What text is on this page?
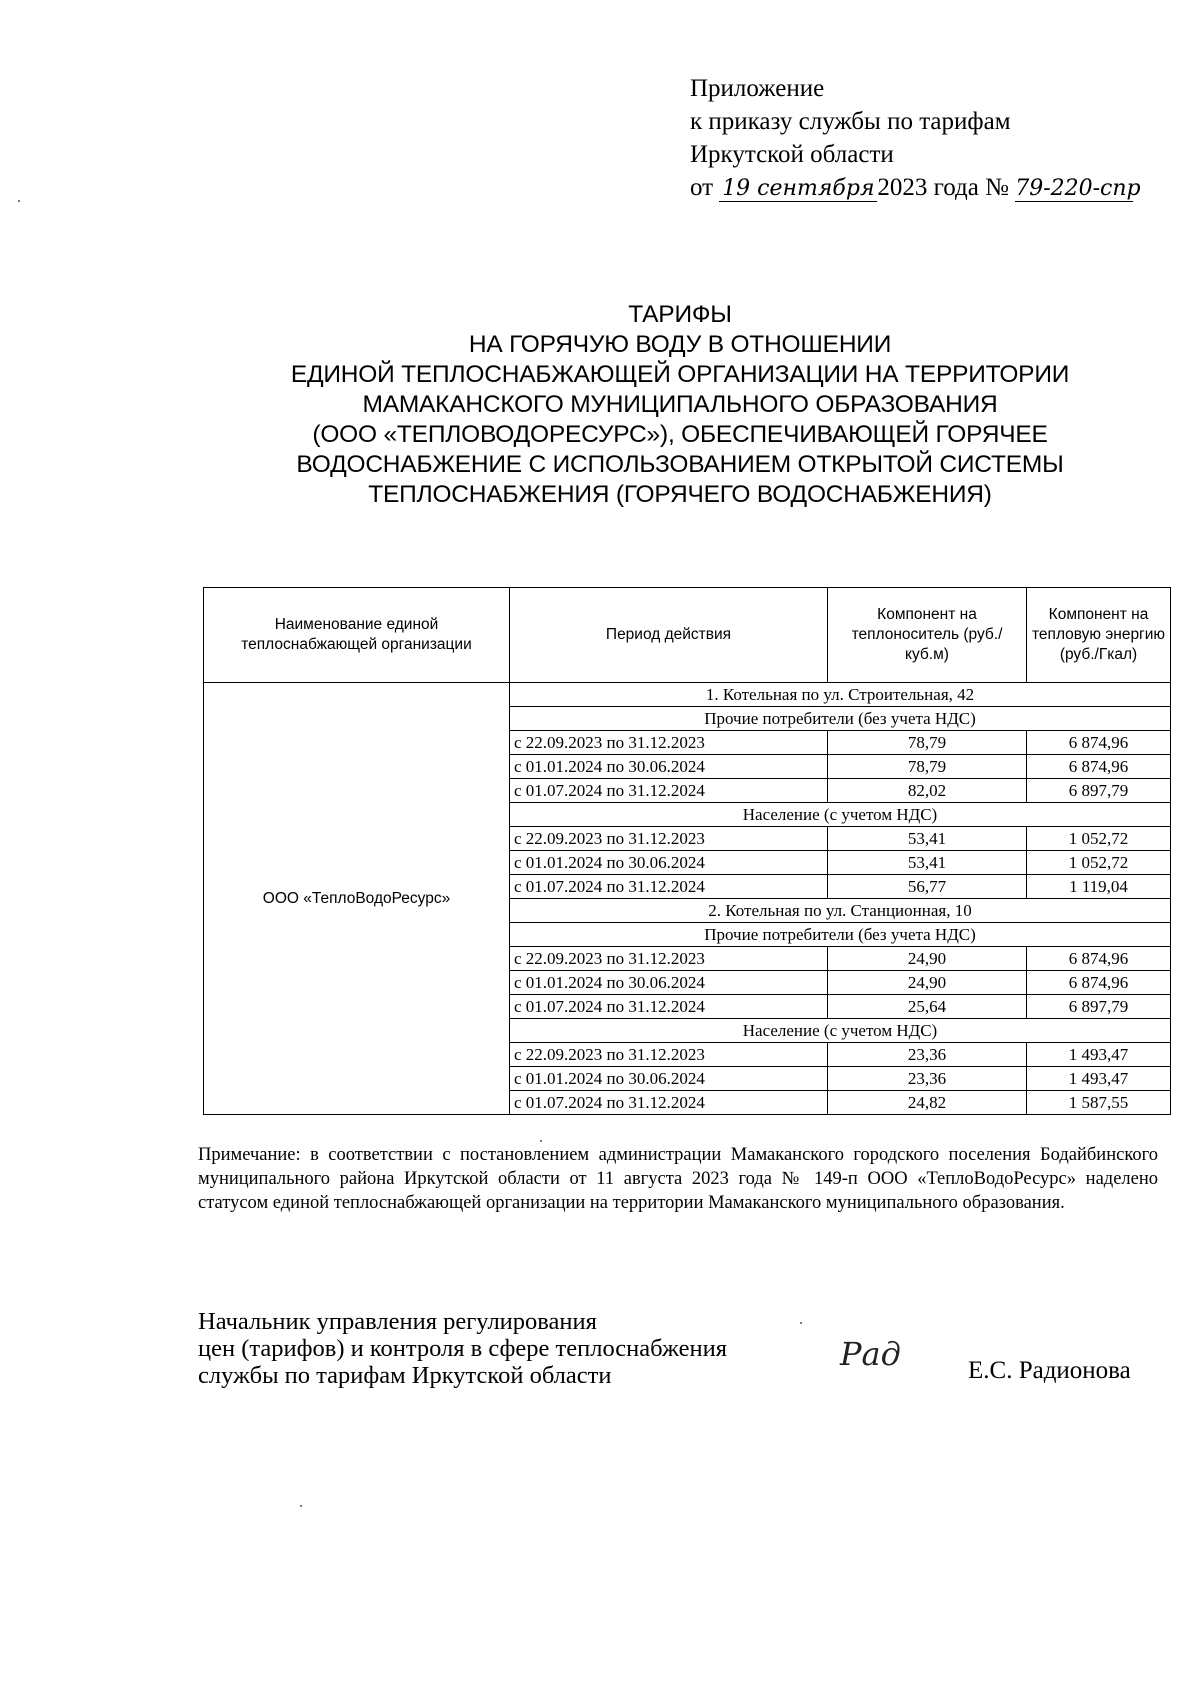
Приложение
к приказу службы по тарифам
Иркутской области
от 19 сентября 2023 года № 79-220-спр
ТАРИФЫ
НА ГОРЯЧУЮ ВОДУ В ОТНОШЕНИИ
ЕДИНОЙ ТЕПЛОСНАБЖАЮЩЕЙ ОРГАНИЗАЦИИ НА ТЕРРИТОРИИ
МАМАКАНСКОГО МУНИЦИПАЛЬНОГО ОБРАЗОВАНИЯ
(ООО «ТЕПЛОВОДОРЕСУРС»), ОБЕСПЕЧИВАЮЩЕЙ ГОРЯЧЕЕ
ВОДОСНАБЖЕНИЕ С ИСПОЛЬЗОВАНИЕМ ОТКРЫТОЙ СИСТЕМЫ
ТЕПЛОСНАБЖЕНИЯ (ГОРЯЧЕГО ВОДОСНАБЖЕНИЯ)
Наименование единой теплоснабжающей организации	Период действия	Компонент на теплоноситель (руб./куб.м)	Компонент на тепловую энергию (руб./Гкал)
ООО «ТеплоВодоРесурс»	1. Котельная по ул. Строительная, 42		
	Прочие потребители (без учета НДС)		
	с 22.09.2023 по 31.12.2023	78,79	6 874,96
	с 01.01.2024 по 30.06.2024	78,79	6 874,96
	с 01.07.2024 по 31.12.2024	82,02	6 897,79
	Население (с учетом НДС)		
	с 22.09.2023 по 31.12.2023	53,41	1 052,72
	с 01.01.2024 по 30.06.2024	53,41	1 052,72
	с 01.07.2024 по 31.12.2024	56,77	1 119,04
	2. Котельная по ул. Станционная, 10		
	Прочие потребители (без учета НДС)		
	с 22.09.2023 по 31.12.2023	24,90	6 874,96
	с 01.01.2024 по 30.06.2024	24,90	6 874,96
	с 01.07.2024 по 31.12.2024	25,64	6 897,79
	Население (с учетом НДС)		
	с 22.09.2023 по 31.12.2023	23,36	1 493,47
	с 01.01.2024 по 30.06.2024	23,36	1 493,47
	с 01.07.2024 по 31.12.2024	24,82	1 587,55
Примечание: в соответствии с постановлением администрации Мамаканского городского поселения Бодайбинского муниципального района Иркутской области от 11 августа 2023 года № 149-п ООО «ТеплоВодоРесурс» наделено статусом единой теплоснабжающей организации на территории Мамаканского муниципального образования.
Начальник управления регулирования
цен (тарифов) и контроля в сфере теплоснабжения
службы по тарифам Иркутской области
Рад	Е.С. Радионова
